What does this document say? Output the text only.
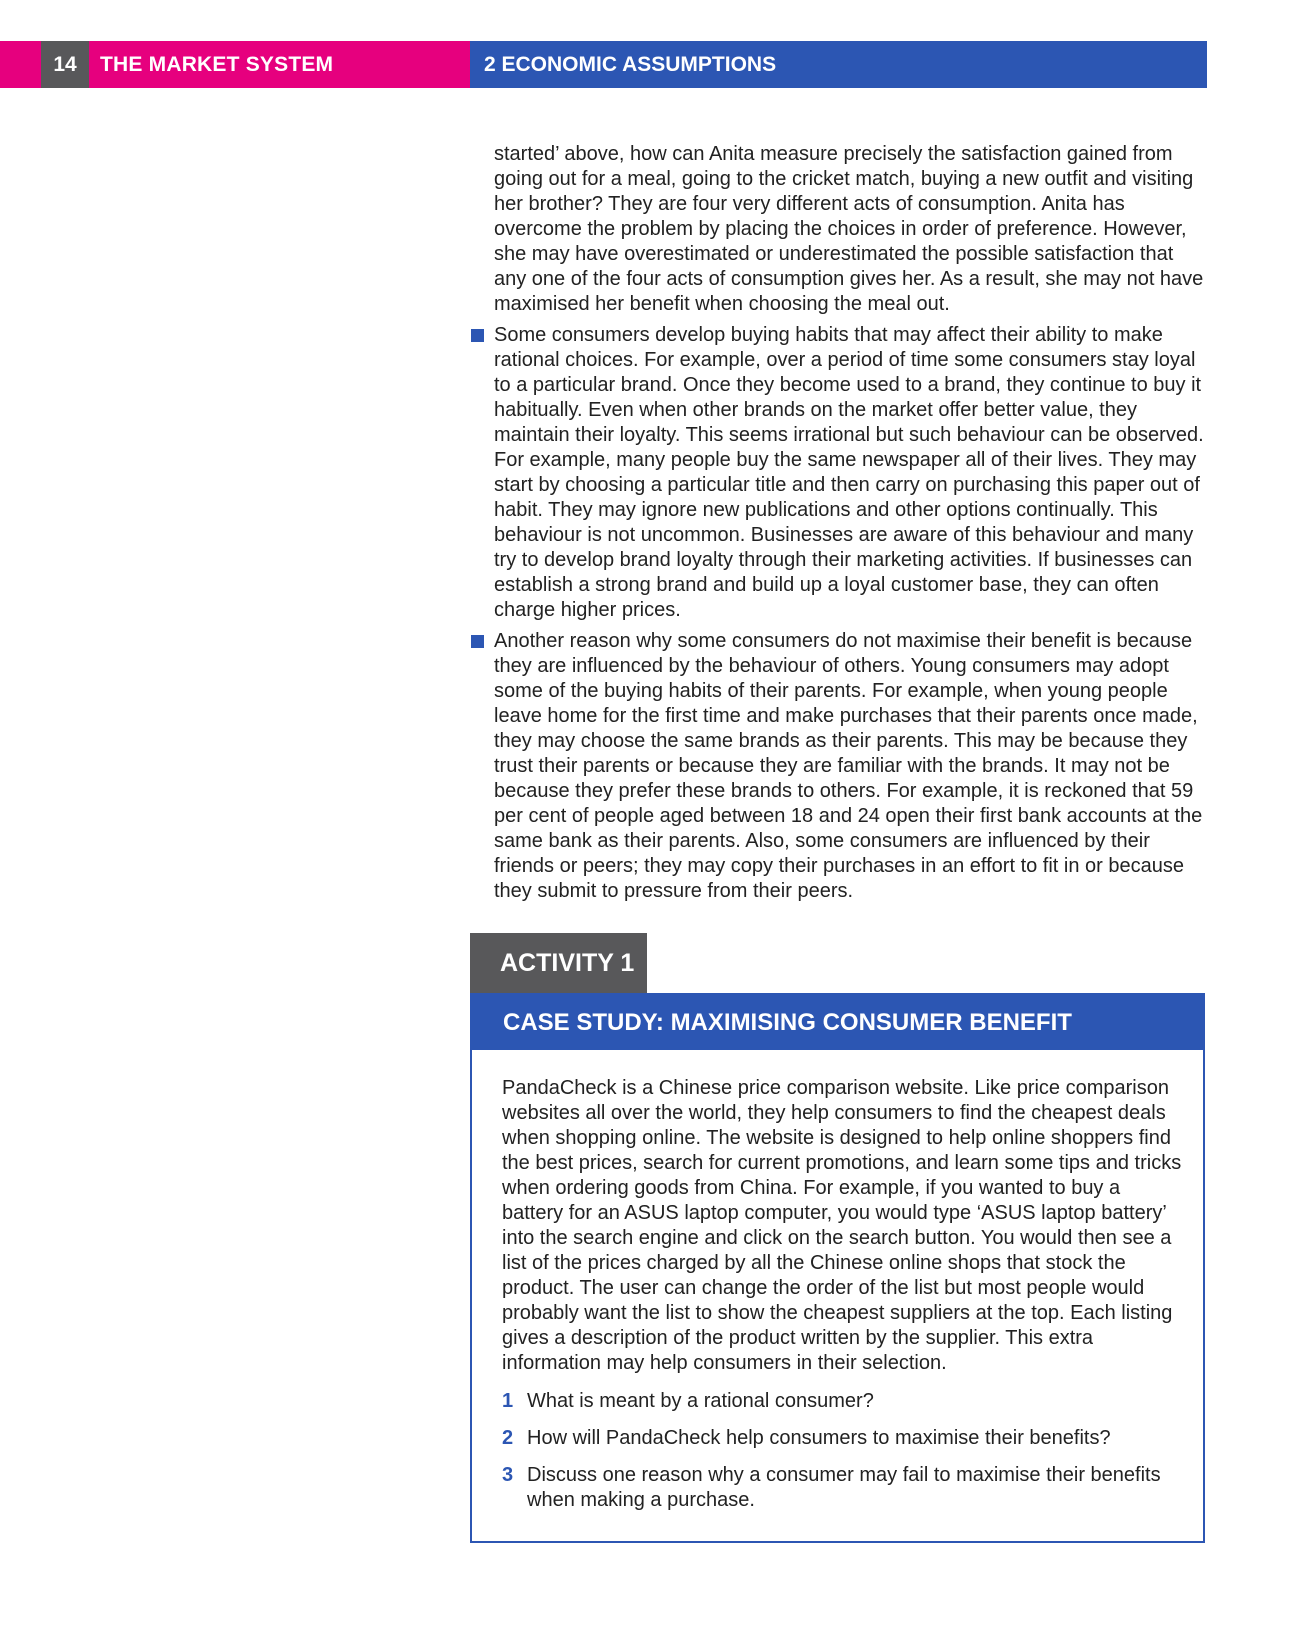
14	THE MARKET SYSTEM	2 ECONOMIC ASSUMPTIONS

started’ above, how can Anita measure precisely the satisfaction gained from going out for a meal, going to the cricket match, buying a new outfit and visiting her brother? They are four very different acts of consumption. Anita has overcome the problem by placing the choices in order of preference. However, she may have overestimated or underestimated the possible satisfaction that any one of the four acts of consumption gives her. As a result, she may not have maximised her benefit when choosing the meal out.

Some consumers develop buying habits that may affect their ability to make rational choices. For example, over a period of time some consumers stay loyal to a particular brand. Once they become used to a brand, they continue to buy it habitually. Even when other brands on the market offer better value, they maintain their loyalty. This seems irrational but such behaviour can be observed. For example, many people buy the same newspaper all of their lives. They may start by choosing a particular title and then carry on purchasing this paper out of habit. They may ignore new publications and other options continually. This behaviour is not uncommon. Businesses are aware of this behaviour and many try to develop brand loyalty through their marketing activities. If businesses can establish a strong brand and build up a loyal customer base, they can often charge higher prices.
Another reason why some consumers do not maximise their benefit is because they are influenced by the behaviour of others. Young consumers may adopt some of the buying habits of their parents. For example, when young people leave home for the first time and make purchases that their parents once made, they may choose the same brands as their parents. This may be because they trust their parents or because they are familiar with the brands. It may not be because they prefer these brands to others. For example, it is reckoned that 59 per cent of people aged between 18 and 24 open their first bank accounts at the same bank as their parents. Also, some consumers are influenced by their friends or peers; they may copy their purchases in an effort to fit in or because they submit to pressure from their peers.
ACTIVITY 1
CASE STUDY: MAXIMISING CONSUMER BENEFIT

PandaCheck is a Chinese price comparison website. Like price comparison websites all over the world, they help consumers to find the cheapest deals when shopping online. The website is designed to help online shoppers find the best prices, search for current promotions, and learn some tips and tricks when ordering goods from China. For example, if you wanted to buy a battery for an ASUS laptop computer, you would type ‘ASUS laptop battery’ into the search engine and click on the search button. You would then see a list of the prices charged by all the Chinese online shops that stock the product. The user can change the order of the list but most people would probably want the list to show the cheapest suppliers at the top. Each listing gives a description of the product written by the supplier. This extra information may help consumers in their selection.

1 What is meant by a rational consumer?
2 How will PandaCheck help consumers to maximise their benefits?
3 Discuss one reason why a consumer may fail to maximise their benefits when making a purchase.
